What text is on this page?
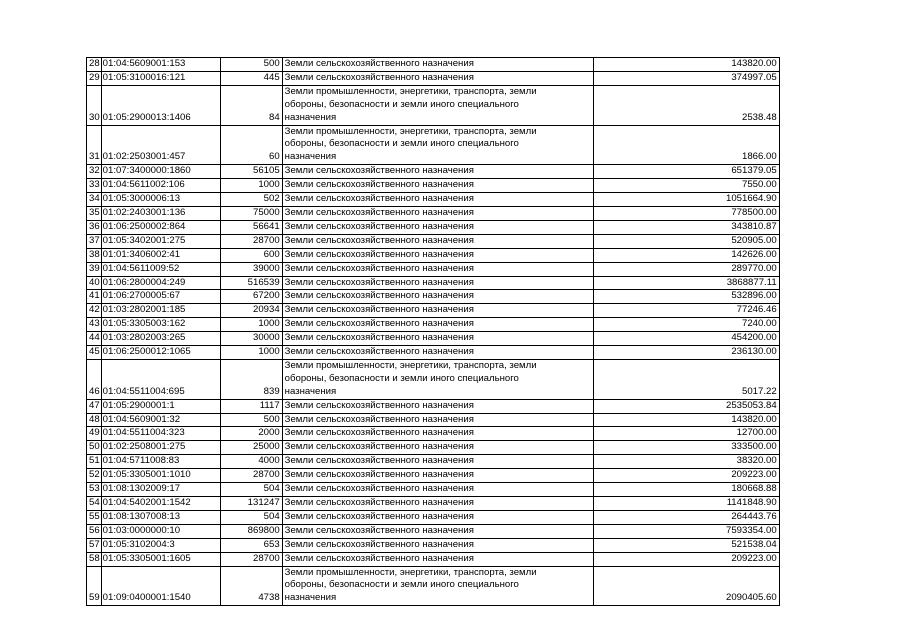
28	01:04:5609001:153	500	Земли сельскохозяйственного назначения	143820.00
29	01:05:3100016:121	445	Земли сельскохозяйственного назначения	374997.05
30	01:05:2900013:1406	84	Земли промышленности, энергетики, транспорта, земли
обороны, безопасности и земли иного специального
назначения	2538.48
31	01:02:2503001:457	60	Земли промышленности, энергетики, транспорта, земли
обороны, безопасности и земли иного специального
назначения	1866.00
32	01:07:3400000:1860	56105	Земли сельскохозяйственного назначения	651379.05
33	01:04:5611002:106	1000	Земли сельскохозяйственного назначения	7550.00
34	01:05:3000006:13	502	Земли сельскохозяйственного назначения	1051664.90
35	01:02:2403001:136	75000	Земли сельскохозяйственного назначения	778500.00
36	01:06:2500002:864	56641	Земли сельскохозяйственного назначения	343810.87
37	01:05:3402001:275	28700	Земли сельскохозяйственного назначения	520905.00
38	01:01:3406002:41	600	Земли сельскохозяйственного назначения	142626.00
39	01:04:5611009:52	39000	Земли сельскохозяйственного назначения	289770.00
40	01:06:2800004:249	516539	Земли сельскохозяйственного назначения	3868877.11
41	01:06:2700005:67	67200	Земли сельскохозяйственного назначения	532896.00
42	01:03:2802001:185	20934	Земли сельскохозяйственного назначения	77246.46
43	01:05:3305003:162	1000	Земли сельскохозяйственного назначения	7240.00
44	01:03:2802003:265	30000	Земли сельскохозяйственного назначения	454200.00
45	01:06:2500012:1065	1000	Земли сельскохозяйственного назначения	236130.00
46	01:04:5511004:695	839	Земли промышленности, энергетики, транспорта, земли
обороны, безопасности и земли иного специального
назначения	5017.22
47	01:05:2900001:1	1117	Земли сельскохозяйственного назначения	2535053.84
48	01:04:5609001:32	500	Земли сельскохозяйственного назначения	143820.00
49	01:04:5511004:323	2000	Земли сельскохозяйственного назначения	12700.00
50	01:02:2508001:275	25000	Земли сельскохозяйственного назначения	333500.00
51	01:04:5711008:83	4000	Земли сельскохозяйственного назначения	38320.00
52	01:05:3305001:1010	28700	Земли сельскохозяйственного назначения	209223.00
53	01:08:1302009:17	504	Земли сельскохозяйственного назначения	180668.88
54	01:04:5402001:1542	131247	Земли сельскохозяйственного назначения	1141848.90
55	01:08:1307008:13	504	Земли сельскохозяйственного назначения	264443.76
56	01:03:0000000:10	869800	Земли сельскохозяйственного назначения	7593354.00
57	01:05:3102004:3	653	Земли сельскохозяйственного назначения	521538.04
58	01:05:3305001:1605	28700	Земли сельскохозяйственного назначения	209223.00
59	01:09:0400001:1540	4738	Земли промышленности, энергетики, транспорта, земли
обороны, безопасности и земли иного специального
назначения	2090405.60
